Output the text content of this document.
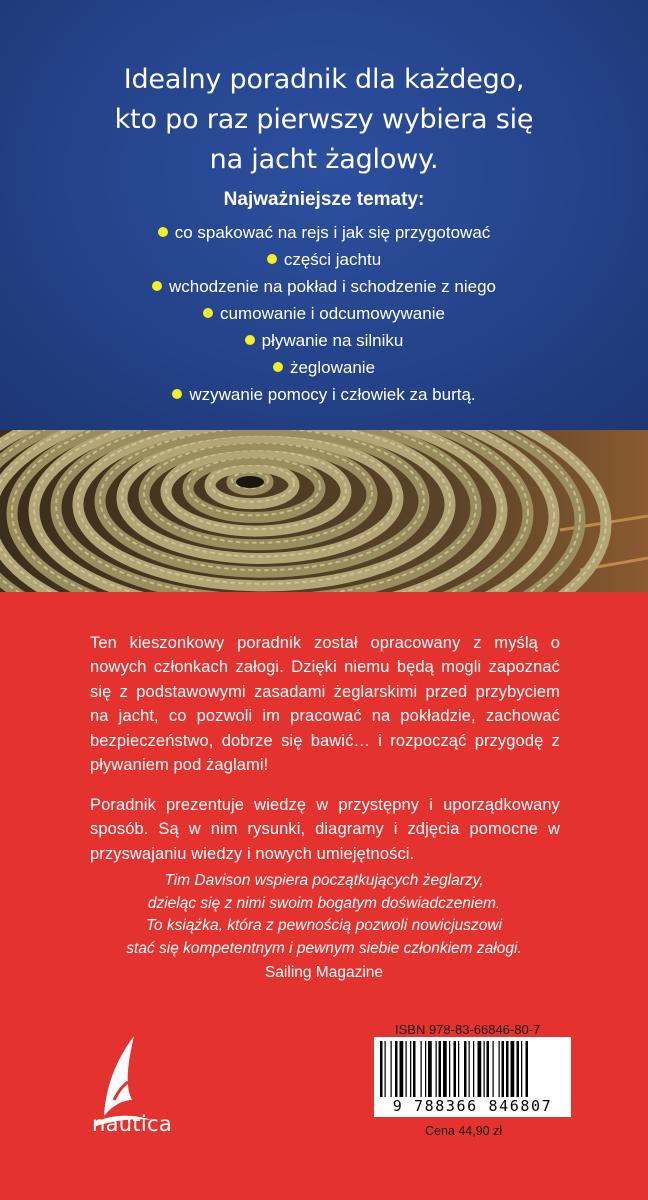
Idealny poradnik dla każdego,
kto po raz pierwszy wybiera się
na jacht żaglowy.
Najważniejsze tematy:
co spakować na rejs i jak się przygotować
części jachtu
wchodzenie na pokład i schodzenie z niego
cumowanie i odcumowywanie
pływanie na silniku
żeglowanie
wzywanie pomocy i człowiek za burtą.

Ten kieszonkowy poradnik został opracowany z myślą o nowych członkach załogi. Dzięki niemu będą mogli zapoznać się z podstawowymi zasadami żeglarskimi przed przybyciem na jacht, co pozwoli im pracować na pokładzie, zachować bezpieczeństwo, dobrze się bawić… i rozpocząć przygodę z pływaniem pod żaglami!

Poradnik prezentuje wiedzę w przystępny i uporządkowany sposób. Są w nim rysunki, diagramy i zdjęcia pomocne w przyswajaniu wiedzy i nowych umiejętności.

Tim Davison wspiera początkujących żeglarzy,
dzieląc się z nimi swoim bogatym doświadczeniem.
To książka, która z pewnością pozwoli nowicjuszowi
stać się kompetentnym i pewnym siebie członkiem załogi.
Sailing Magazine
nautica
ISBN 978-83-66846-80-7
9 788366 846807
Cena 44,90 zł
